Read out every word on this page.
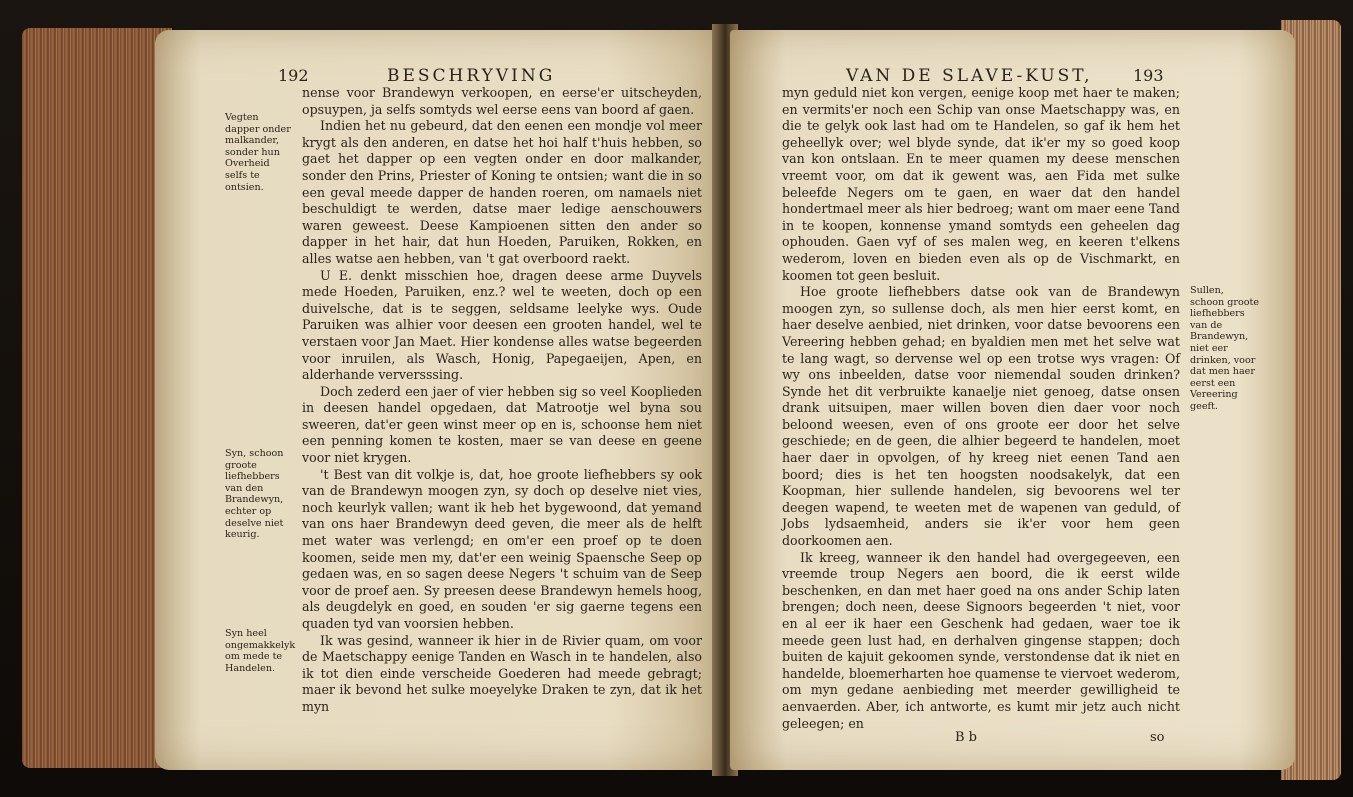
192	BESCHRYVING
Vegten dapper onder malkander, sonder hun Overheid selfs te ontsien.
Syn, schoon groote liefhebbers van den Brandewyn, echter op deselve niet keurig.
Syn heel ongemakkelyk om mede te Handelen.

nense voor Brandewyn verkoopen, en eerse'er uitscheyden, opsuypen, ja selfs somtyds wel eerse eens van boord af gaen.

Indien het nu gebeurd, dat den eenen een mondje vol meer krygt als den anderen, en datse het hoi half t'huis hebben, so gaet het dapper op een vegten onder en door malkander, sonder den Prins, Priester of Koning te ontsien; want die in so een geval meede dapper de handen roeren, om namaels niet beschuldigt te werden, datse maer ledige aenschouwers waren geweest. Deese Kampioenen sitten den ander so dapper in het hair, dat hun Hoeden, Paruiken, Rokken, en alles watse aen hebben, van 't gat overboord raekt.

U E. denkt misschien hoe, dragen deese arme Duyvels mede Hoeden, Paruiken, enz.? wel te weeten, doch op een duivelsche, dat is te seggen, seldsame leelyke wys. Oude Paruiken was alhier voor deesen een grooten handel, wel te verstaen voor Jan Maet. Hier kondense alles watse begeerden voor inruilen, als Wasch, Honig, Papegaeijen, Apen, en alderhande verversssing.

Doch zederd een jaer of vier hebben sig so veel Kooplieden in deesen handel opgedaen, dat Matrootje wel byna sou sweeren, dat'er geen winst meer op en is, schoonse hem niet een penning komen te kosten, maer se van deese en geene voor niet krygen.

't Best van dit volkje is, dat, hoe groote liefhebbers sy ook van de Brandewyn moogen zyn, sy doch op deselve niet vies, noch keurlyk vallen; want ik heb het bygewoond, dat yemand van ons haer Brandewyn deed geven, die meer als de helft met water was verlengd; en om'er een proef op te doen koomen, seide men my, dat'er een weinig Spaensche Seep op gedaen was, en so sagen deese Negers 't schuim van de Seep voor de proef aen. Sy preesen deese Brandewyn hemels hoog, als deugdelyk en goed, en souden 'er sig gaerne tegens een quaden tyd van voorsien hebben.

Ik was gesind, wanneer ik hier in de Rivier quam, om voor de Maetschappy eenige Tanden en Wasch in te handelen, also ik tot dien einde verscheide Goederen had meede gebragt; maer ik bevond het sulke moeyelyke Draken te zyn, dat ik het myn

VAN DE SLAVE-KUST,	193

myn geduld niet kon vergen, eenige koop met haer te maken; en vermits'er noch een Schip van onse Maetschappy was, en die te gelyk ook last had om te Handelen, so gaf ik hem het geheellyk over; wel blyde synde, dat ik'er my so goed koop van kon ontslaan. En te meer quamen my deese menschen vreemt voor, om dat ik gewent was, aen Fida met sulke beleefde Negers om te gaen, en waer dat den handel hondertmael meer als hier bedroeg; want om maer eene Tand in te koopen, konnense ymand somtyds een geheelen dag ophouden. Gaen vyf of ses malen weg, en keeren t'elkens wederom, loven en bieden even als op de Vischmarkt, en koomen tot geen besluit.

Hoe groote liefhebbers datse ook van de Brandewyn moogen zyn, so sullense doch, als men hier eerst komt, en haer deselve aenbied, niet drinken, voor datse bevoorens een Vereering hebben gehad; en byaldien men met het selve wat te lang wagt, so dervense wel op een trotse wys vragen: Of wy ons inbeelden, datse voor niemendal souden drinken? Synde het dit verbruikte kanaelje niet genoeg, datse onsen drank uitsuipen, maer willen boven dien daer voor noch beloond weesen, even of ons groote eer door het selve geschiede; en de geen, die alhier begeerd te handelen, moet haer daer in opvolgen, of hy kreeg niet eenen Tand aen boord; dies is het ten hoogsten noodsakelyk, dat een Koopman, hier sullende handelen, sig bevoorens wel ter deegen wapend, te weeten met de wapenen van geduld, of Jobs lydsaemheid, anders sie ik'er voor hem geen doorkoomen aen.

Ik kreeg, wanneer ik den handel had overgegeeven, een vreemde troup Negers aen boord, die ik eerst wilde beschenken, en dan met haer goed na ons ander Schip laten brengen; doch neen, deese Signoors begeerden 't niet, voor en al eer ik haer een Geschenk had gedaen, waer toe ik meede geen lust had, en derhalven gingense stappen; doch buiten de kajuit gekoomen synde, verstondense dat ik niet en handelde, bloemerharten hoe quamense te viervoet wederom, om myn gedane aenbieding met meerder gewilligheid te aenvaerden. Aber, ich antworte, es kumt mir jetz auch nicht geleegen; en

Sullen, schoon groote liefhebbers van de Brandewyn, niet eer drinken, voor dat men haer eerst een Vereering geeft.
B b	so
